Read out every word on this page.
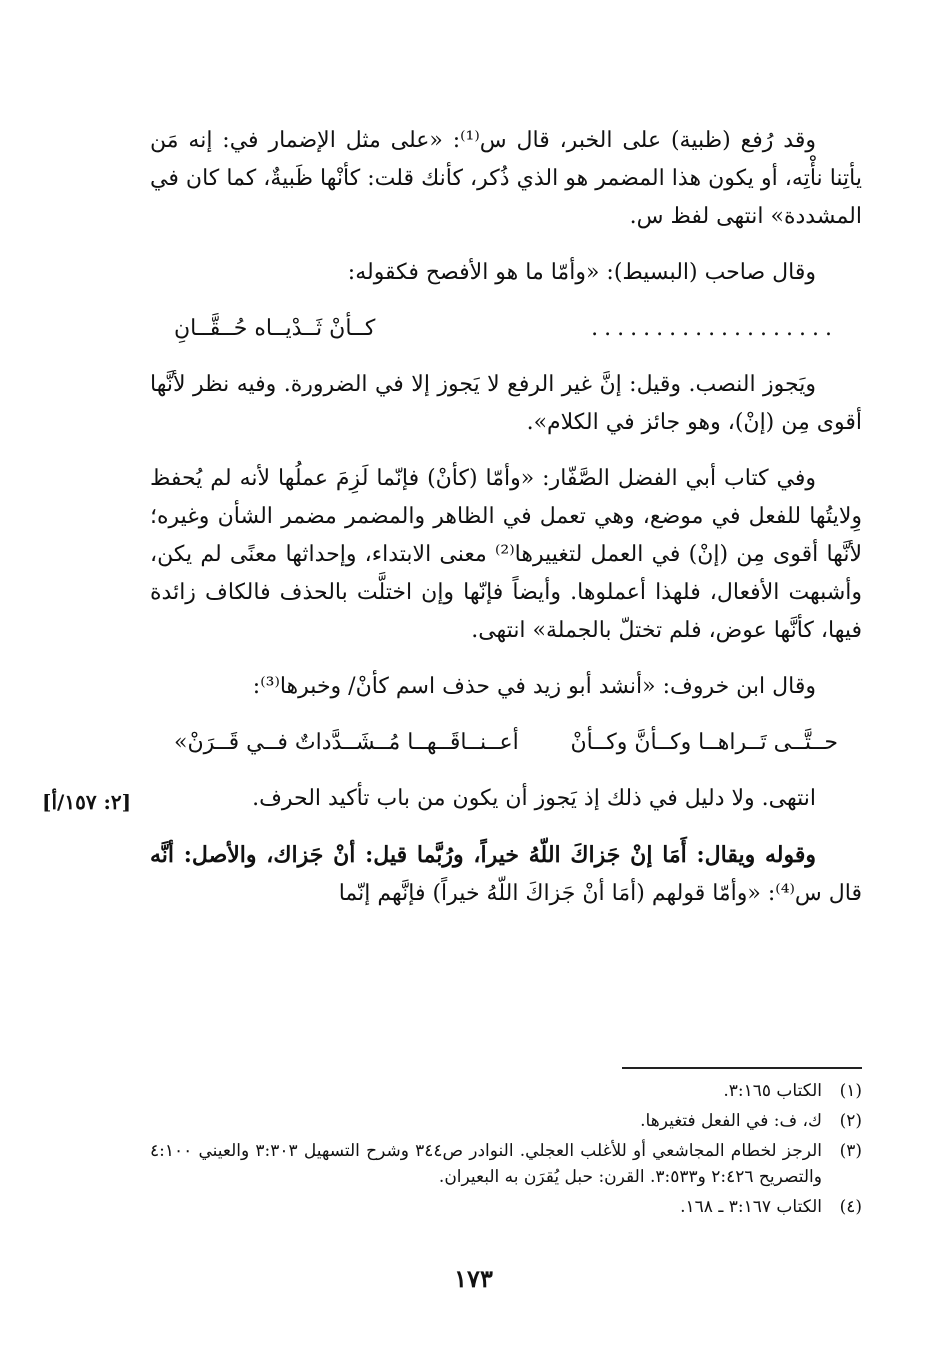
وقد رُفع (ظبية) على الخبر، قال س⁽¹⁾: «على مثل الإضمار في: إنه مَن يأتِنا نأْتِه، أو يكون هذا المضمر هو الذي ذُكر، كأنك قلت: كأنْها ظَبيةٌ، كما كان في المشددة» انتهى لفظ س.

وقال صاحب (البسيط): «وأمّا ما هو الأفصح فكقوله:

...................
كــأنْ ثَــدْيــاه حُــقَّــانِ

ويَجوز النصب. وقيل: إنَّ غير الرفع لا يَجوز إلا في الضرورة. وفيه نظر لأنَّها أقوى مِن (إنْ)، وهو جائز في الكلام».

وفي كتاب أبي الفضل الصَّفّار: «وأمّا (كأنْ) فإنّما لَزِمَ عملُها لأنه لم يُحفظ وِلايتُها للفعل في موضع، وهي تعمل في الظاهر والمضمر مضمر الشأن وغيره؛ لأنَّها أقوى مِن (إنْ) في العمل لتغييرها⁽²⁾ معنى الابتداء، وإحداثها معنًى لم يكن، وأشبهت الأفعال، فلهذا أعملوها. وأيضاً فإنّها وإن اختلَّت بالحذف فالكاف زائدة فيها، كأنَّها عوض، فلم تختلّ بالجملة» انتهى.

وقال ابن خروف: «أنشد أبو زيد في حذف اسم كأنْ/ وخبرها⁽³⁾:

حــتَّــى تَــراهــا وكــأنَّ وكــأنْ
أعــنــاقَــهــا مُــشَــدَّداتٌ فــي قَــرَنْ»

انتهى. ولا دليل في ذلك إذ يَجوز أن يكون من باب تأكيد الحرف.

وقوله ويقال: أَمَا إنْ جَزاكَ اللّهُ خيراً، ورُبَّما قيل: أنْ جَزاك، والأصل: أنَّه قال س⁽⁴⁾: «وأمّا قولهم (أمَا أنْ جَزاكَ اللّهُ خيراً) فإنَّهم إنّما

[٢: ١٥٧/أ]
(١)
الكتاب ٣:١٦٥.
(٢)
ك، ف: في الفعل فتغيرها.
(٣)
الرجز لخطام المجاشعي أو للأغلب العجلي. النوادر ص٣٤٤ وشرح التسهيل ٣:٣٠٣ والعيني ٤:١٠٠ والتصريح ٢:٤٢٦ و٣:٥٣٣. القرن: حبل يُقرَن به البعيران.
(٤)
الكتاب ٣:١٦٧ ـ ١٦٨.
١٧٣
